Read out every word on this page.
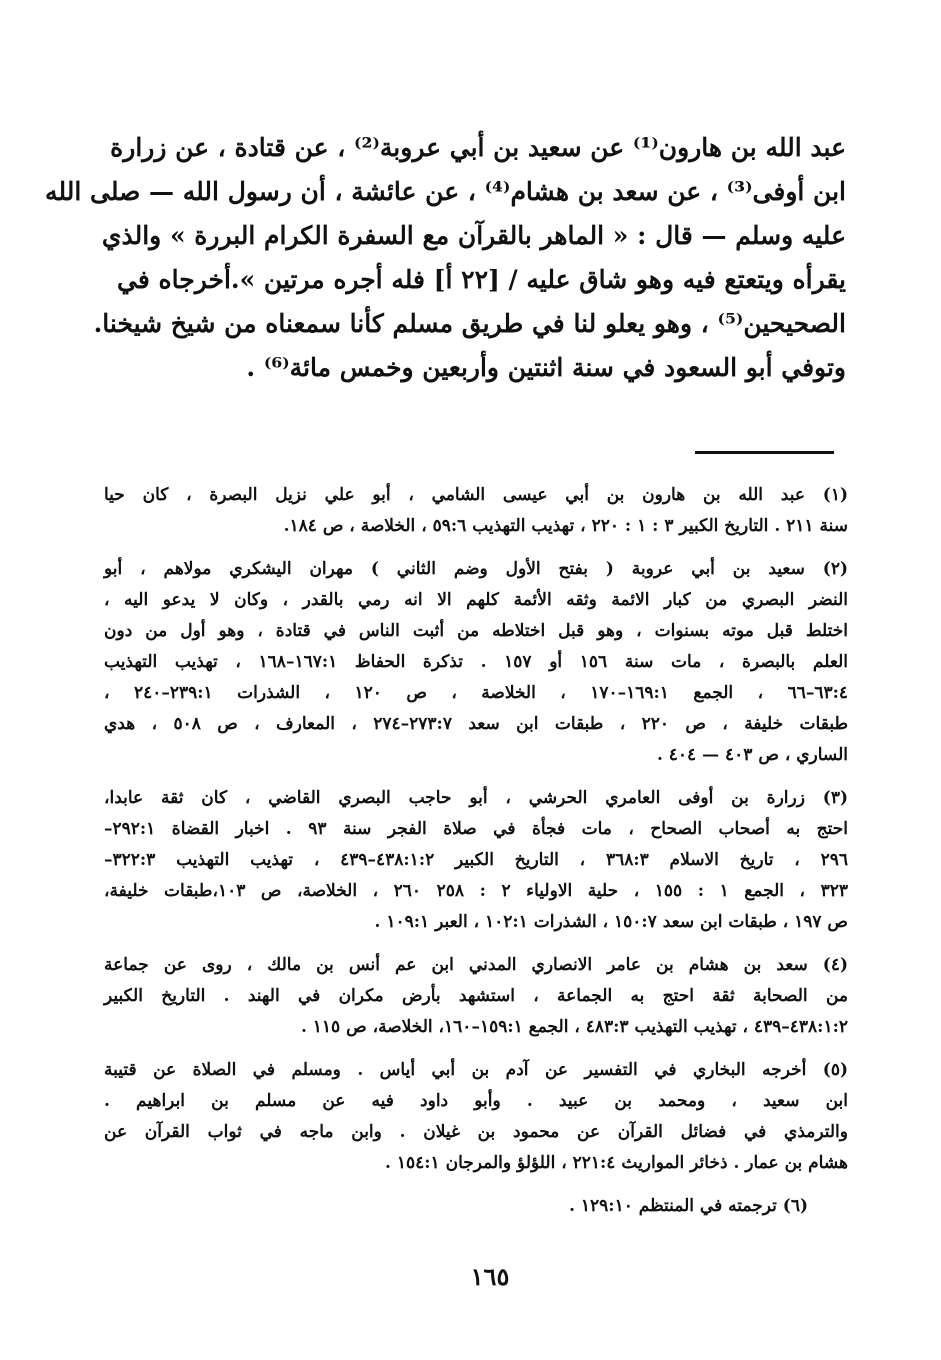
عبد الله بن هارون⁽¹⁾ عن سعيد بن أبي عروبة⁽²⁾ ، عن قتادة ، عن زرارة
ابن أوفى⁽³⁾ ، عن سعد بن هشام⁽⁴⁾ ، عن عائشة ، أن رسول الله — صلى الله
عليه وسلم — قال : « الماهر بالقرآن مع السفرة الكرام البررة » والذي
يقرأه ويتعتع فيه وهو شاق عليه / [٢٢ أ] فله أجره مرتين ».أخرجاه في
الصحيحين⁽⁵⁾ ، وهو يعلو لنا في طريق مسلم كأنا سمعناه من شيخ شيخنا.
وتوفي أبو السعود في سنة اثنتين وأربعين وخمس مائة⁽⁶⁾ .
(١) عبد الله بن هارون بن أبي عيسى الشامي ، أبو علي نزيل البصرة ، كان حيا
سنة ٢١١ . التاريخ الكبير ٣ : ١ : ٢٢٠ ، تهذيب التهذيب ٥٩:٦ ، الخلاصة ، ص ١٨٤.
(٢) سعيد بن أبي عروبة ( بفتح الأول وضم الثاني ) مهران اليشكري مولاهم ، أبو
النضر البصري من كبار الائمة وثقه الأئمة كلهم الا انه رمي بالقدر ، وكان لا يدعو اليه ،
اختلط قبل موته بسنوات ، وهو قبل اختلاطه من أثبت الناس في قتادة ، وهو أول من دون
العلم بالبصرة ، مات سنة ١٥٦ أو ١٥٧ . تذكرة الحفاظ ١٦٧:١–١٦٨ ، تهذيب التهذيب
٦٣:٤–٦٦ ، الجمع ١٦٩:١–١٧٠ ، الخلاصة ، ص ١٢٠ ، الشذرات ٢٣٩:١–٢٤٠ ،
طبقات خليفة ، ص ٢٢٠ ، طبقات ابن سعد ٢٧٣:٧–٢٧٤ ، المعارف ، ص ٥٠٨ ، هدي
الساري ، ص ٤٠٣ — ٤٠٤ .
(٣) زرارة بن أوفى العامري الحرشي ، أبو حاجب البصري القاضي ، كان ثقة عابدا،
احتج به أصحاب الصحاح ، مات فجأة في صلاة الفجر سنة ٩٣ . اخبار القضاة ٢٩٢:١–
٢٩٦ ، تاريخ الاسلام ٣٦٨:٣ ، التاريخ الكبير ٤٣٨:١:٢–٤٣٩ ، تهذيب التهذيب ٣٢٢:٣–
٣٢٣ ، الجمع ١ : ١٥٥ ، حلية الاولياء ٢ : ٢٥٨ ٢٦٠ ، الخلاصة، ص ١٠٣،طبقات خليفة،
ص ١٩٧ ، طبقات ابن سعد ١٥٠:٧ ، الشذرات ١٠٢:١ ، العبر ١٠٩:١ .
(٤) سعد بن هشام بن عامر الانصاري المدني ابن عم أنس بن مالك ، روى عن جماعة
من الصحابة ثقة احتج به الجماعة ، استشهد بأرض مكران في الهند . التاريخ الكبير
٤٣٨:١:٢–٤٣٩ ، تهذيب التهذيب ٤٨٣:٣ ، الجمع ١٥٩:١–١٦٠، الخلاصة، ص ١١٥ .
(٥) أخرجه البخاري في التفسير عن آدم بن أبي أياس . ومسلم في الصلاة عن قتيبة
ابن سعيد ، ومحمد بن عبيد . وأبو داود فيه عن مسلم بن ابراهيم .
والترمذي في فضائل القرآن عن محمود بن غيلان . وابن ماجه في ثواب القرآن عن
هشام بن عمار . ذخائر المواريث ٢٢١:٤ ، اللؤلؤ والمرجان ١٥٤:١ .
(٦) ترجمته في المنتظم ١٢٩:١٠ .
١٦٥
